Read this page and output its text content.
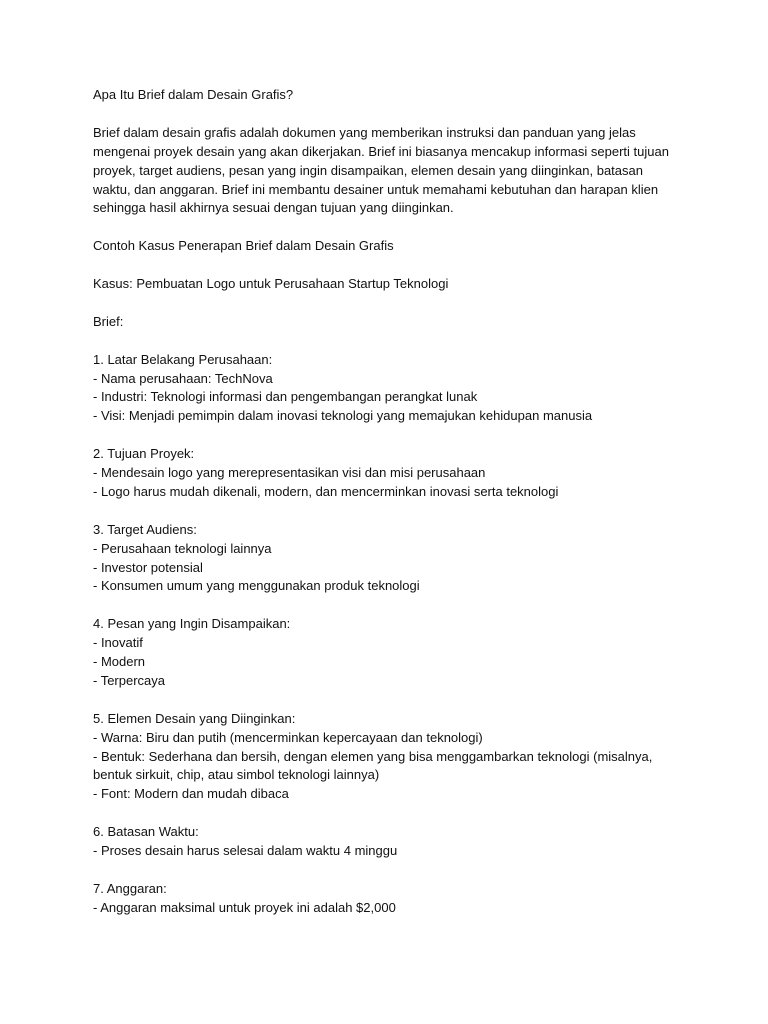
Apa Itu Brief dalam Desain Grafis?

Brief dalam desain grafis adalah dokumen yang memberikan instruksi dan panduan yang jelas

mengenai proyek desain yang akan dikerjakan. Brief ini biasanya mencakup informasi seperti tujuan

proyek, target audiens, pesan yang ingin disampaikan, elemen desain yang diinginkan, batasan

waktu, dan anggaran. Brief ini membantu desainer untuk memahami kebutuhan dan harapan klien

sehingga hasil akhirnya sesuai dengan tujuan yang diinginkan.

Contoh Kasus Penerapan Brief dalam Desain Grafis

Kasus: Pembuatan Logo untuk Perusahaan Startup Teknologi

Brief:

1. Latar Belakang Perusahaan:

- Nama perusahaan: TechNova

- Industri: Teknologi informasi dan pengembangan perangkat lunak

- Visi: Menjadi pemimpin dalam inovasi teknologi yang memajukan kehidupan manusia

2. Tujuan Proyek:

- Mendesain logo yang merepresentasikan visi dan misi perusahaan

- Logo harus mudah dikenali, modern, dan mencerminkan inovasi serta teknologi

3. Target Audiens:

- Perusahaan teknologi lainnya

- Investor potensial

- Konsumen umum yang menggunakan produk teknologi

4. Pesan yang Ingin Disampaikan:

- Inovatif

- Modern

- Terpercaya

5. Elemen Desain yang Diinginkan:

- Warna: Biru dan putih (mencerminkan kepercayaan dan teknologi)

- Bentuk: Sederhana dan bersih, dengan elemen yang bisa menggambarkan teknologi (misalnya,

bentuk sirkuit, chip, atau simbol teknologi lainnya)

- Font: Modern dan mudah dibaca

6. Batasan Waktu:

- Proses desain harus selesai dalam waktu 4 minggu

7. Anggaran:

- Anggaran maksimal untuk proyek ini adalah $2,000
